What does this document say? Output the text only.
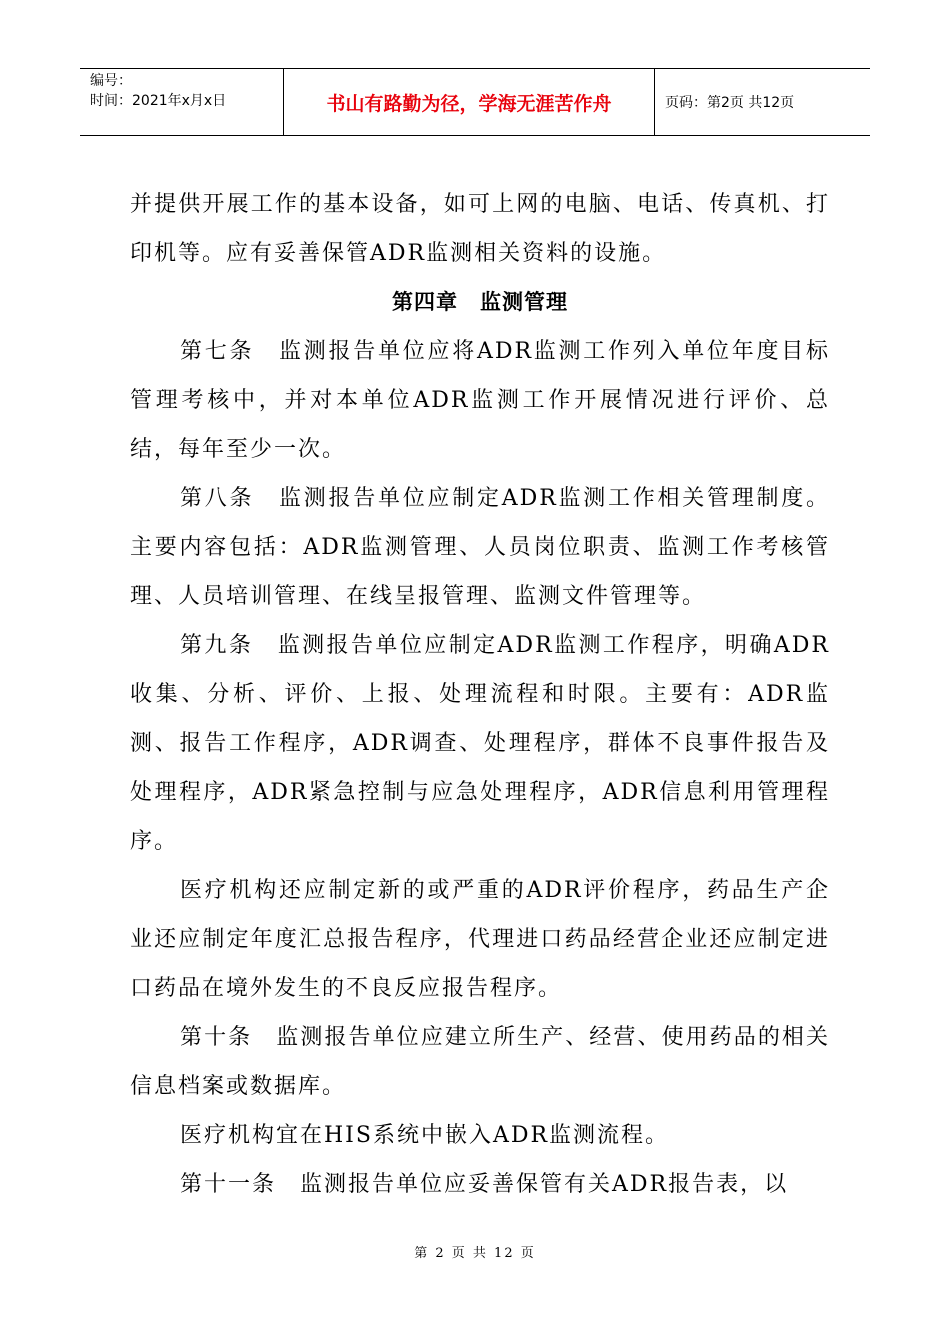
编号：
时间：2021年x月x日	书山有路勤为径，学海无涯苦作舟	页码：第2页 共12页

并提供开展工作的基本设备，如可上网的电脑、电话、传真机、打印机等。应有妥善保管ADR监测相关资料的设施。

第四章　监测管理

第七条　监测报告单位应将ADR监测工作列入单位年度目标管理考核中，并对本单位ADR监测工作开展情况进行评价、总结，每年至少一次。

第八条　监测报告单位应制定ADR监测工作相关管理制度。主要内容包括：ADR监测管理、人员岗位职责、监测工作考核管理、人员培训管理、在线呈报管理、监测文件管理等。

第九条　监测报告单位应制定ADR监测工作程序，明确ADR收集、分析、评价、上报、处理流程和时限。主要有：ADR监测、报告工作程序，ADR调查、处理程序，群体不良事件报告及处理程序，ADR紧急控制与应急处理程序，ADR信息利用管理程序。

医疗机构还应制定新的或严重的ADR评价程序，药品生产企业还应制定年度汇总报告程序，代理进口药品经营企业还应制定进口药品在境外发生的不良反应报告程序。

第十条　监测报告单位应建立所生产、经营、使用药品的相关信息档案或数据库。

医疗机构宜在HIS系统中嵌入ADR监测流程。

第十一条　监测报告单位应妥善保管有关ADR报告表，以

第 2 页 共 12 页
